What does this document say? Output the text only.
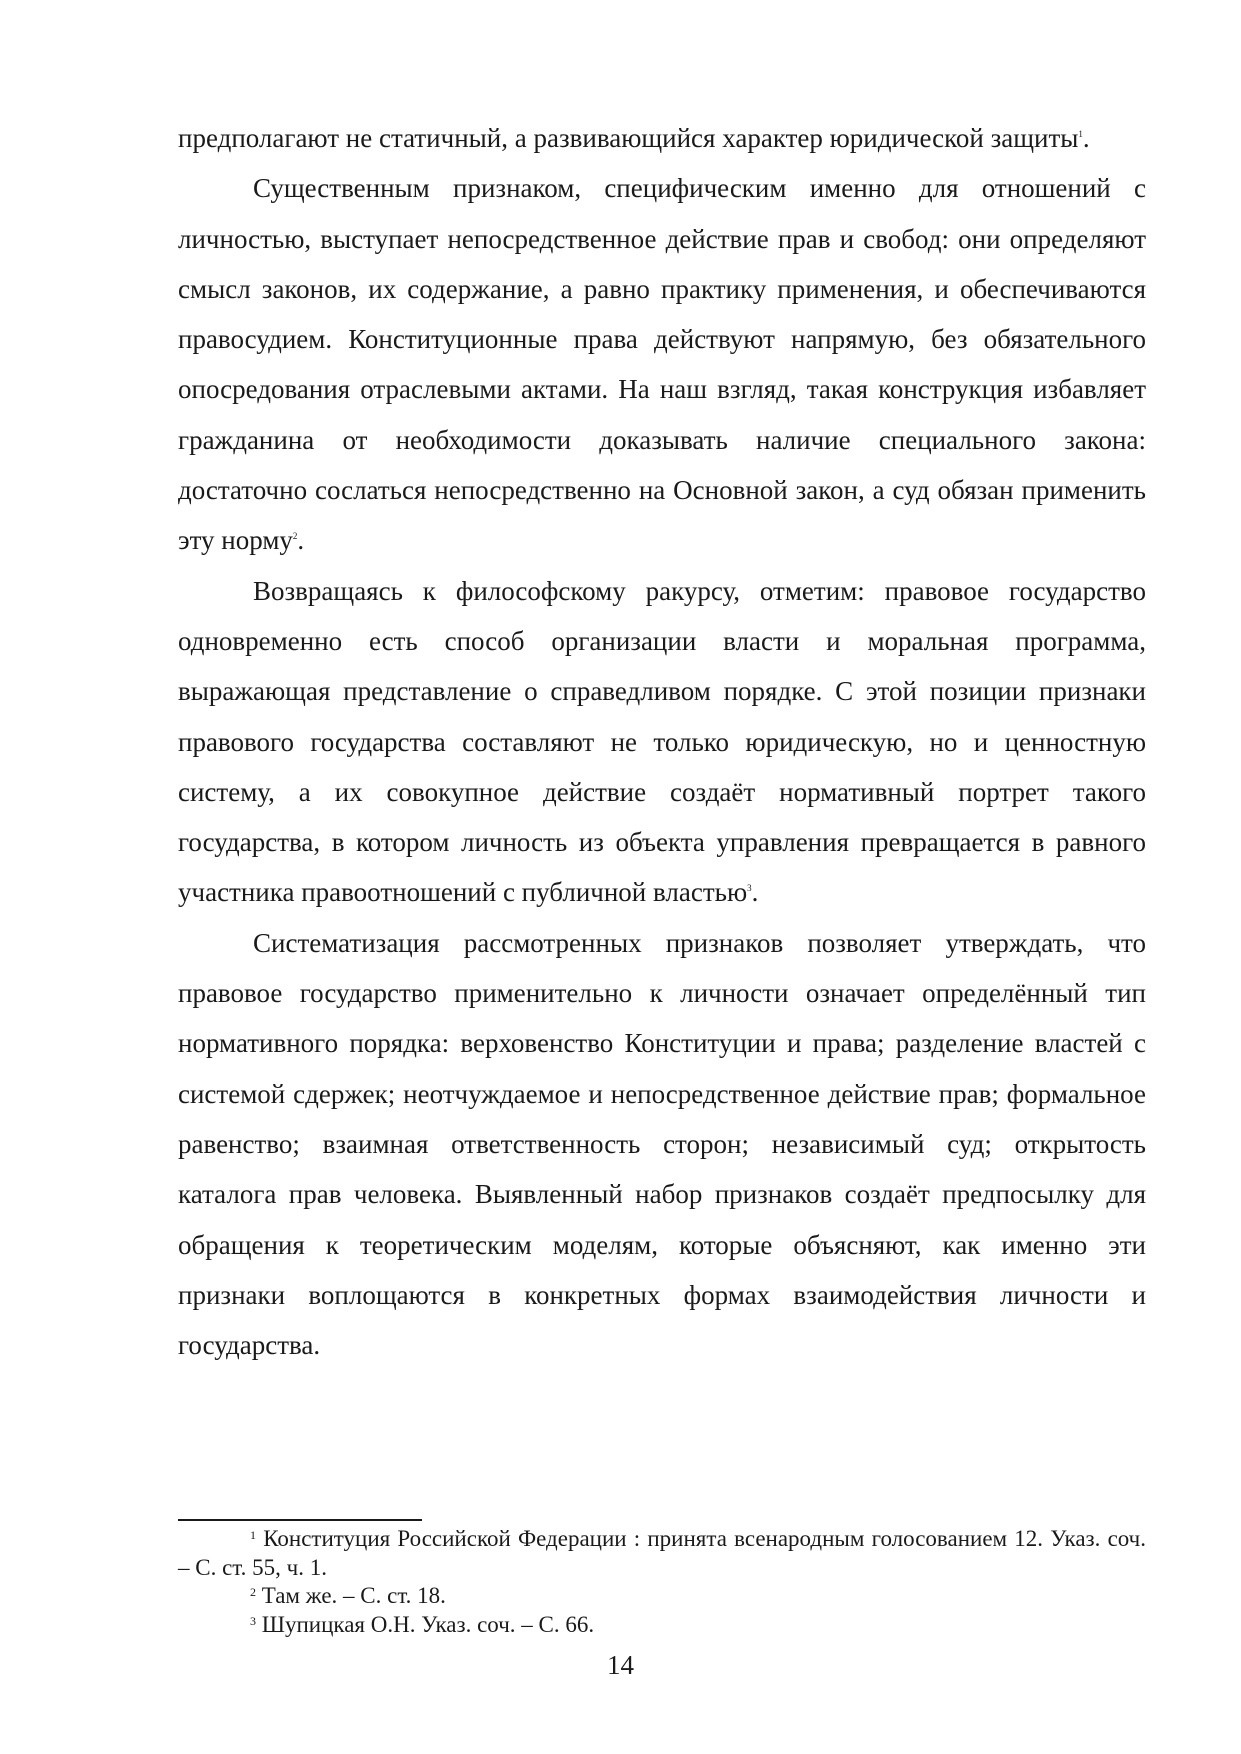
предполагают не статичный, а развивающийся характер юридической защиты$^1$.

Существенным признаком, специфическим именно для отношений с личностью, выступает непосредственное действие прав и свобод: они определяют смысл законов, их содержание, а равно практику применения, и обеспечиваются правосудием. Конституционные права действуют напрямую, без обязательного опосредования отраслевыми актами. На наш взгляд, такая конструкция избавляет гражданина от необходимости доказывать наличие специального закона: достаточно сослаться непосредственно на Основной закон, а суд обязан применить эту норму$^2$.

Возвращаясь к философскому ракурсу, отметим: правовое государство одновременно есть способ организации власти и моральная программа, выражающая представление о справедливом порядке. С этой позиции признаки правового государства составляют не только юридическую, но и ценностную систему, а их совокупное действие создаёт нормативный портрет такого государства, в котором личность из объекта управления превращается в равного участника правоотношений с публичной властью$^3$.

Систематизация рассмотренных признаков позволяет утверждать, что правовое государство применительно к личности означает определённый тип нормативного порядка: верховенство Конституции и права; разделение властей с системой сдержек; неотчуждаемое и непосредственное действие прав; формальное равенство; взаимная ответственность сторон; независимый суд; открытость каталога прав человека. Выявленный набор признаков создаёт предпосылку для обращения к теоретическим моделям, которые объясняют, как именно эти признаки воплощаются в конкретных формах взаимодействия личности и государства.

$^1$ Конституция Российской Федерации : принята всенародным голосованием 12. Указ. соч. – С. ст. 55, ч. 1.

$^2$ Там же. – С. ст. 18.

$^3$ Шупицкая О.Н. Указ. соч. – С. 66.

14
